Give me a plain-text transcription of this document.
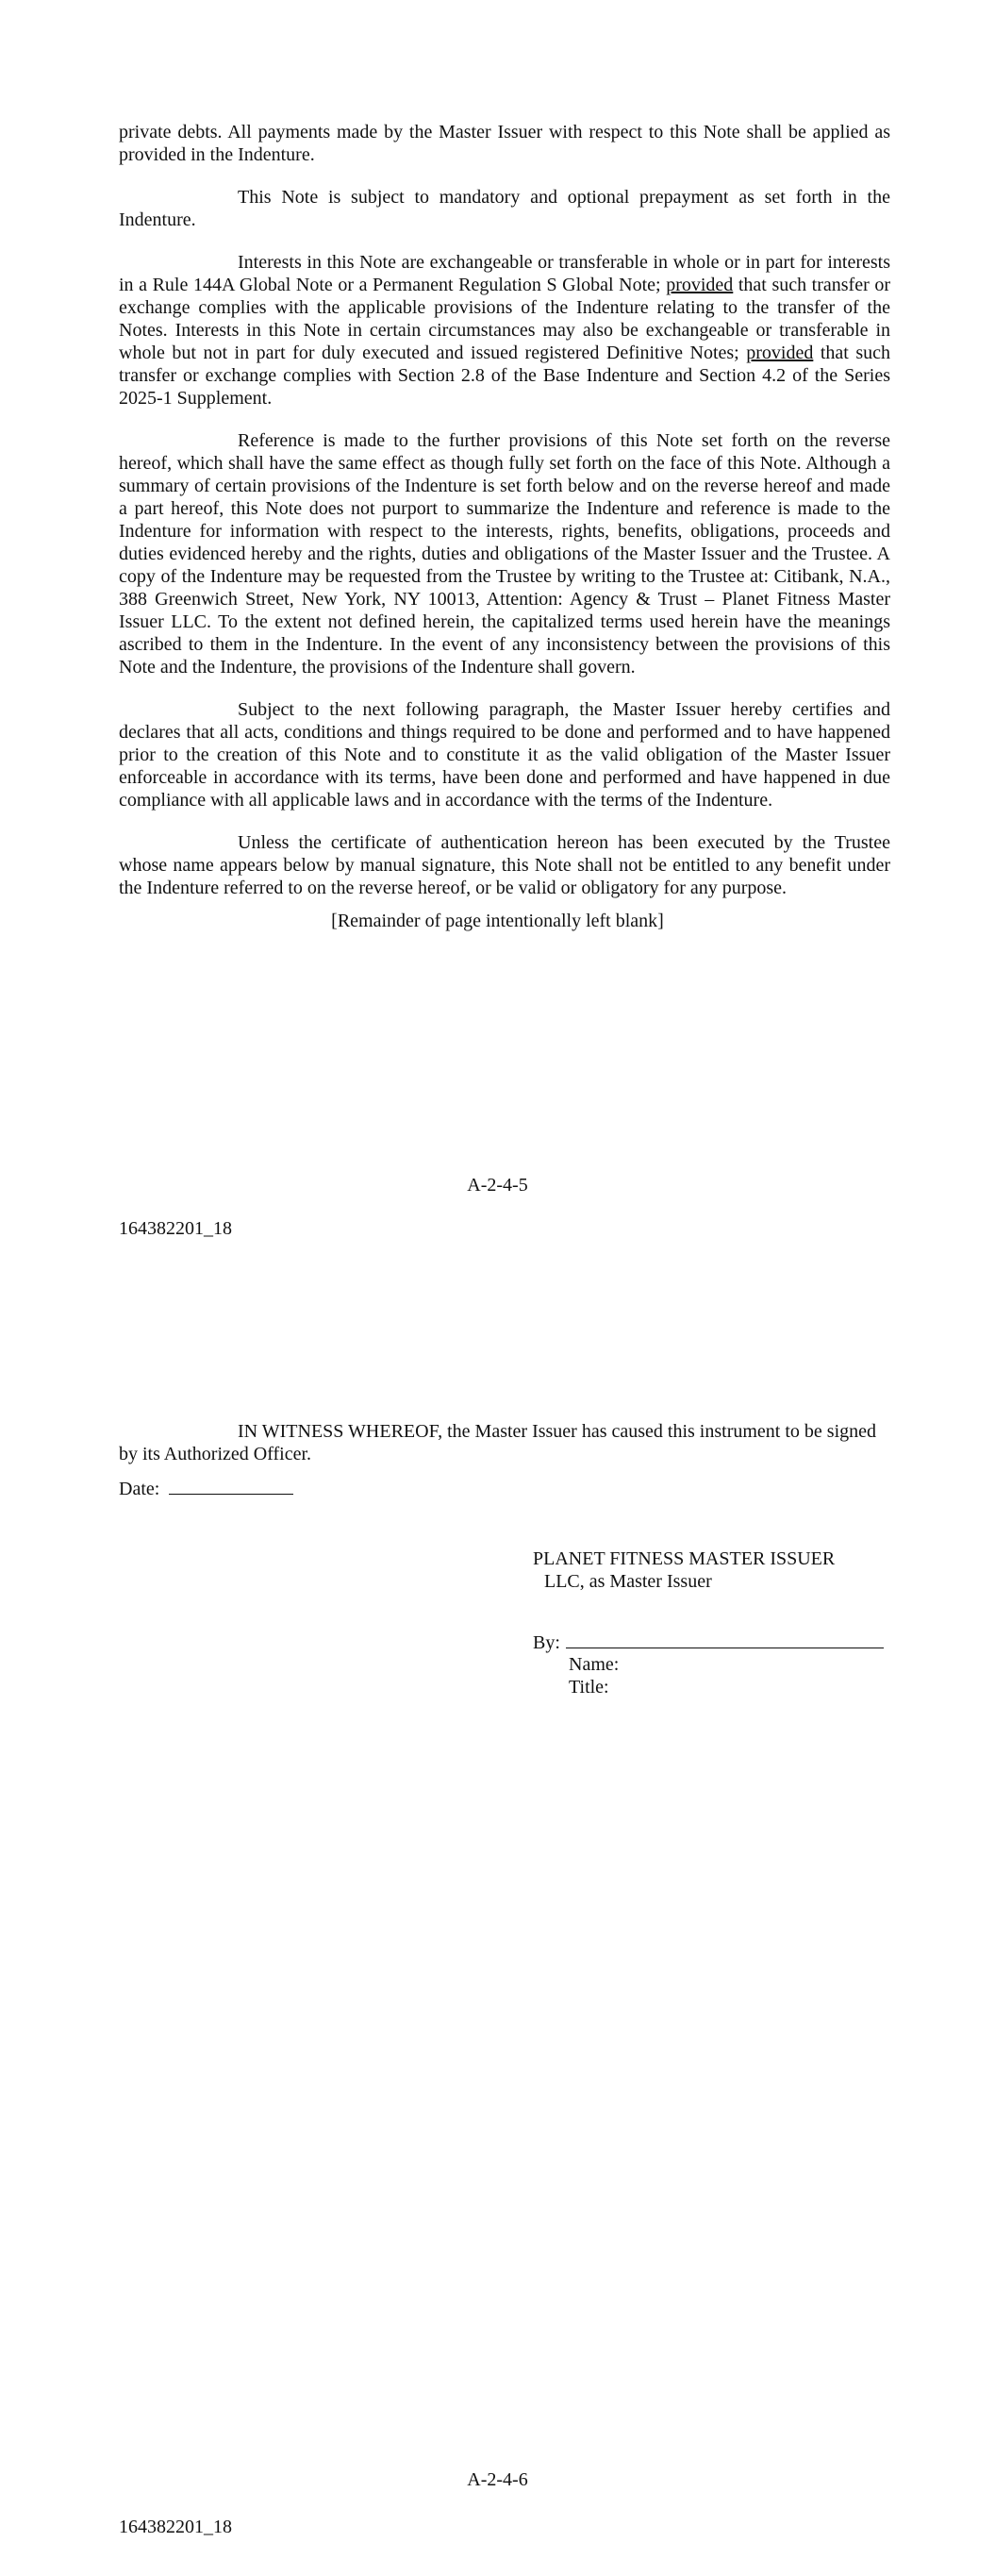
private debts. All payments made by the Master Issuer with respect to this Note shall be applied as provided in the Indenture.

This Note is subject to mandatory and optional prepayment as set forth in the Indenture.

Interests in this Note are exchangeable or transferable in whole or in part for interests in a Rule 144A Global Note or a Permanent Regulation S Global Note; provided that such transfer or exchange complies with the applicable provisions of the Indenture relating to the transfer of the Notes. Interests in this Note in certain circumstances may also be exchangeable or transferable in whole but not in part for duly executed and issued registered Definitive Notes; provided that such transfer or exchange complies with Section 2.8 of the Base Indenture and Section 4.2 of the Series 2025-1 Supplement.

Reference is made to the further provisions of this Note set forth on the reverse hereof, which shall have the same effect as though fully set forth on the face of this Note. Although a summary of certain provisions of the Indenture is set forth below and on the reverse hereof and made a part hereof, this Note does not purport to summarize the Indenture and reference is made to the Indenture for information with respect to the interests, rights, benefits, obligations, proceeds and duties evidenced hereby and the rights, duties and obligations of the Master Issuer and the Trustee. A copy of the Indenture may be requested from the Trustee by writing to the Trustee at: Citibank, N.A., 388 Greenwich Street, New York, NY 10013, Attention: Agency & Trust – Planet Fitness Master Issuer LLC. To the extent not defined herein, the capitalized terms used herein have the meanings ascribed to them in the Indenture. In the event of any inconsistency between the provisions of this Note and the Indenture, the provisions of the Indenture shall govern.

Subject to the next following paragraph, the Master Issuer hereby certifies and declares that all acts, conditions and things required to be done and performed and to have happened prior to the creation of this Note and to constitute it as the valid obligation of the Master Issuer enforceable in accordance with its terms, have been done and performed and have happened in due compliance with all applicable laws and in accordance with the terms of the Indenture.

Unless the certificate of authentication hereon has been executed by the Trustee whose name appears below by manual signature, this Note shall not be entitled to any benefit under the Indenture referred to on the reverse hereof, or be valid or obligatory for any purpose.

[Remainder of page intentionally left blank]
A-2-4-5
164382201_18
IN WITNESS WHEREOF, the Master Issuer has caused this instrument to be signed by its Authorized Officer.
Date:
PLANET FITNESS MASTER ISSUER
LLC, as Master Issuer
By:
Name:
Title:
A-2-4-6
164382201_18
